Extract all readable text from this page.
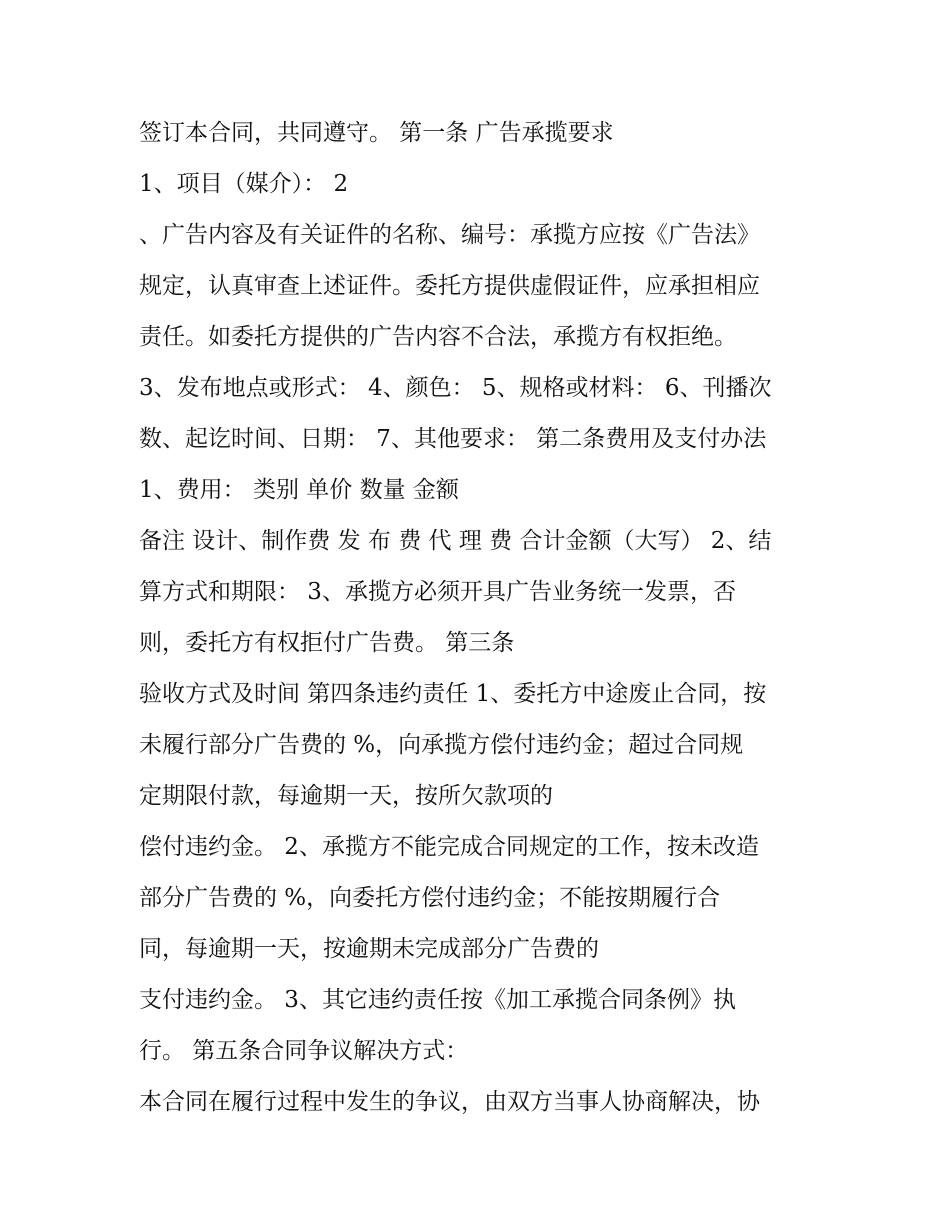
签订本合同，共同遵守。 第一条 广告承揽要求

1、项目（媒介）： 2

、广告内容及有关证件的名称、编号：承揽方应按《广告法》

规定，认真审查上述证件。委托方提供虚假证件，应承担相应

责任。如委托方提供的广告内容不合法，承揽方有权拒绝。

3、发布地点或形式： 4、颜色： 5、规格或材料： 6、刊播次

数、起讫时间、日期： 7、其他要求： 第二条费用及支付办法

1、费用： 类别 单价 数量 金额

备注 设计、制作费 发 布 费 代 理 费 合计金额（大写） 2、结

算方式和期限： 3、承揽方必须开具广告业务统一发票，否

则，委托方有权拒付广告费。 第三条

验收方式及时间 第四条违约责任 1、委托方中途废止合同，按

未履行部分广告费的 %，向承揽方偿付违约金；超过合同规

定期限付款，每逾期一天，按所欠款项的

偿付违约金。 2、承揽方不能完成合同规定的工作，按未改造

部分广告费的 %，向委托方偿付违约金；不能按期履行合

同，每逾期一天，按逾期未完成部分广告费的

支付违约金。 3、其它违约责任按《加工承揽合同条例》执

行。 第五条合同争议解决方式：

本合同在履行过程中发生的争议，由双方当事人协商解决，协
